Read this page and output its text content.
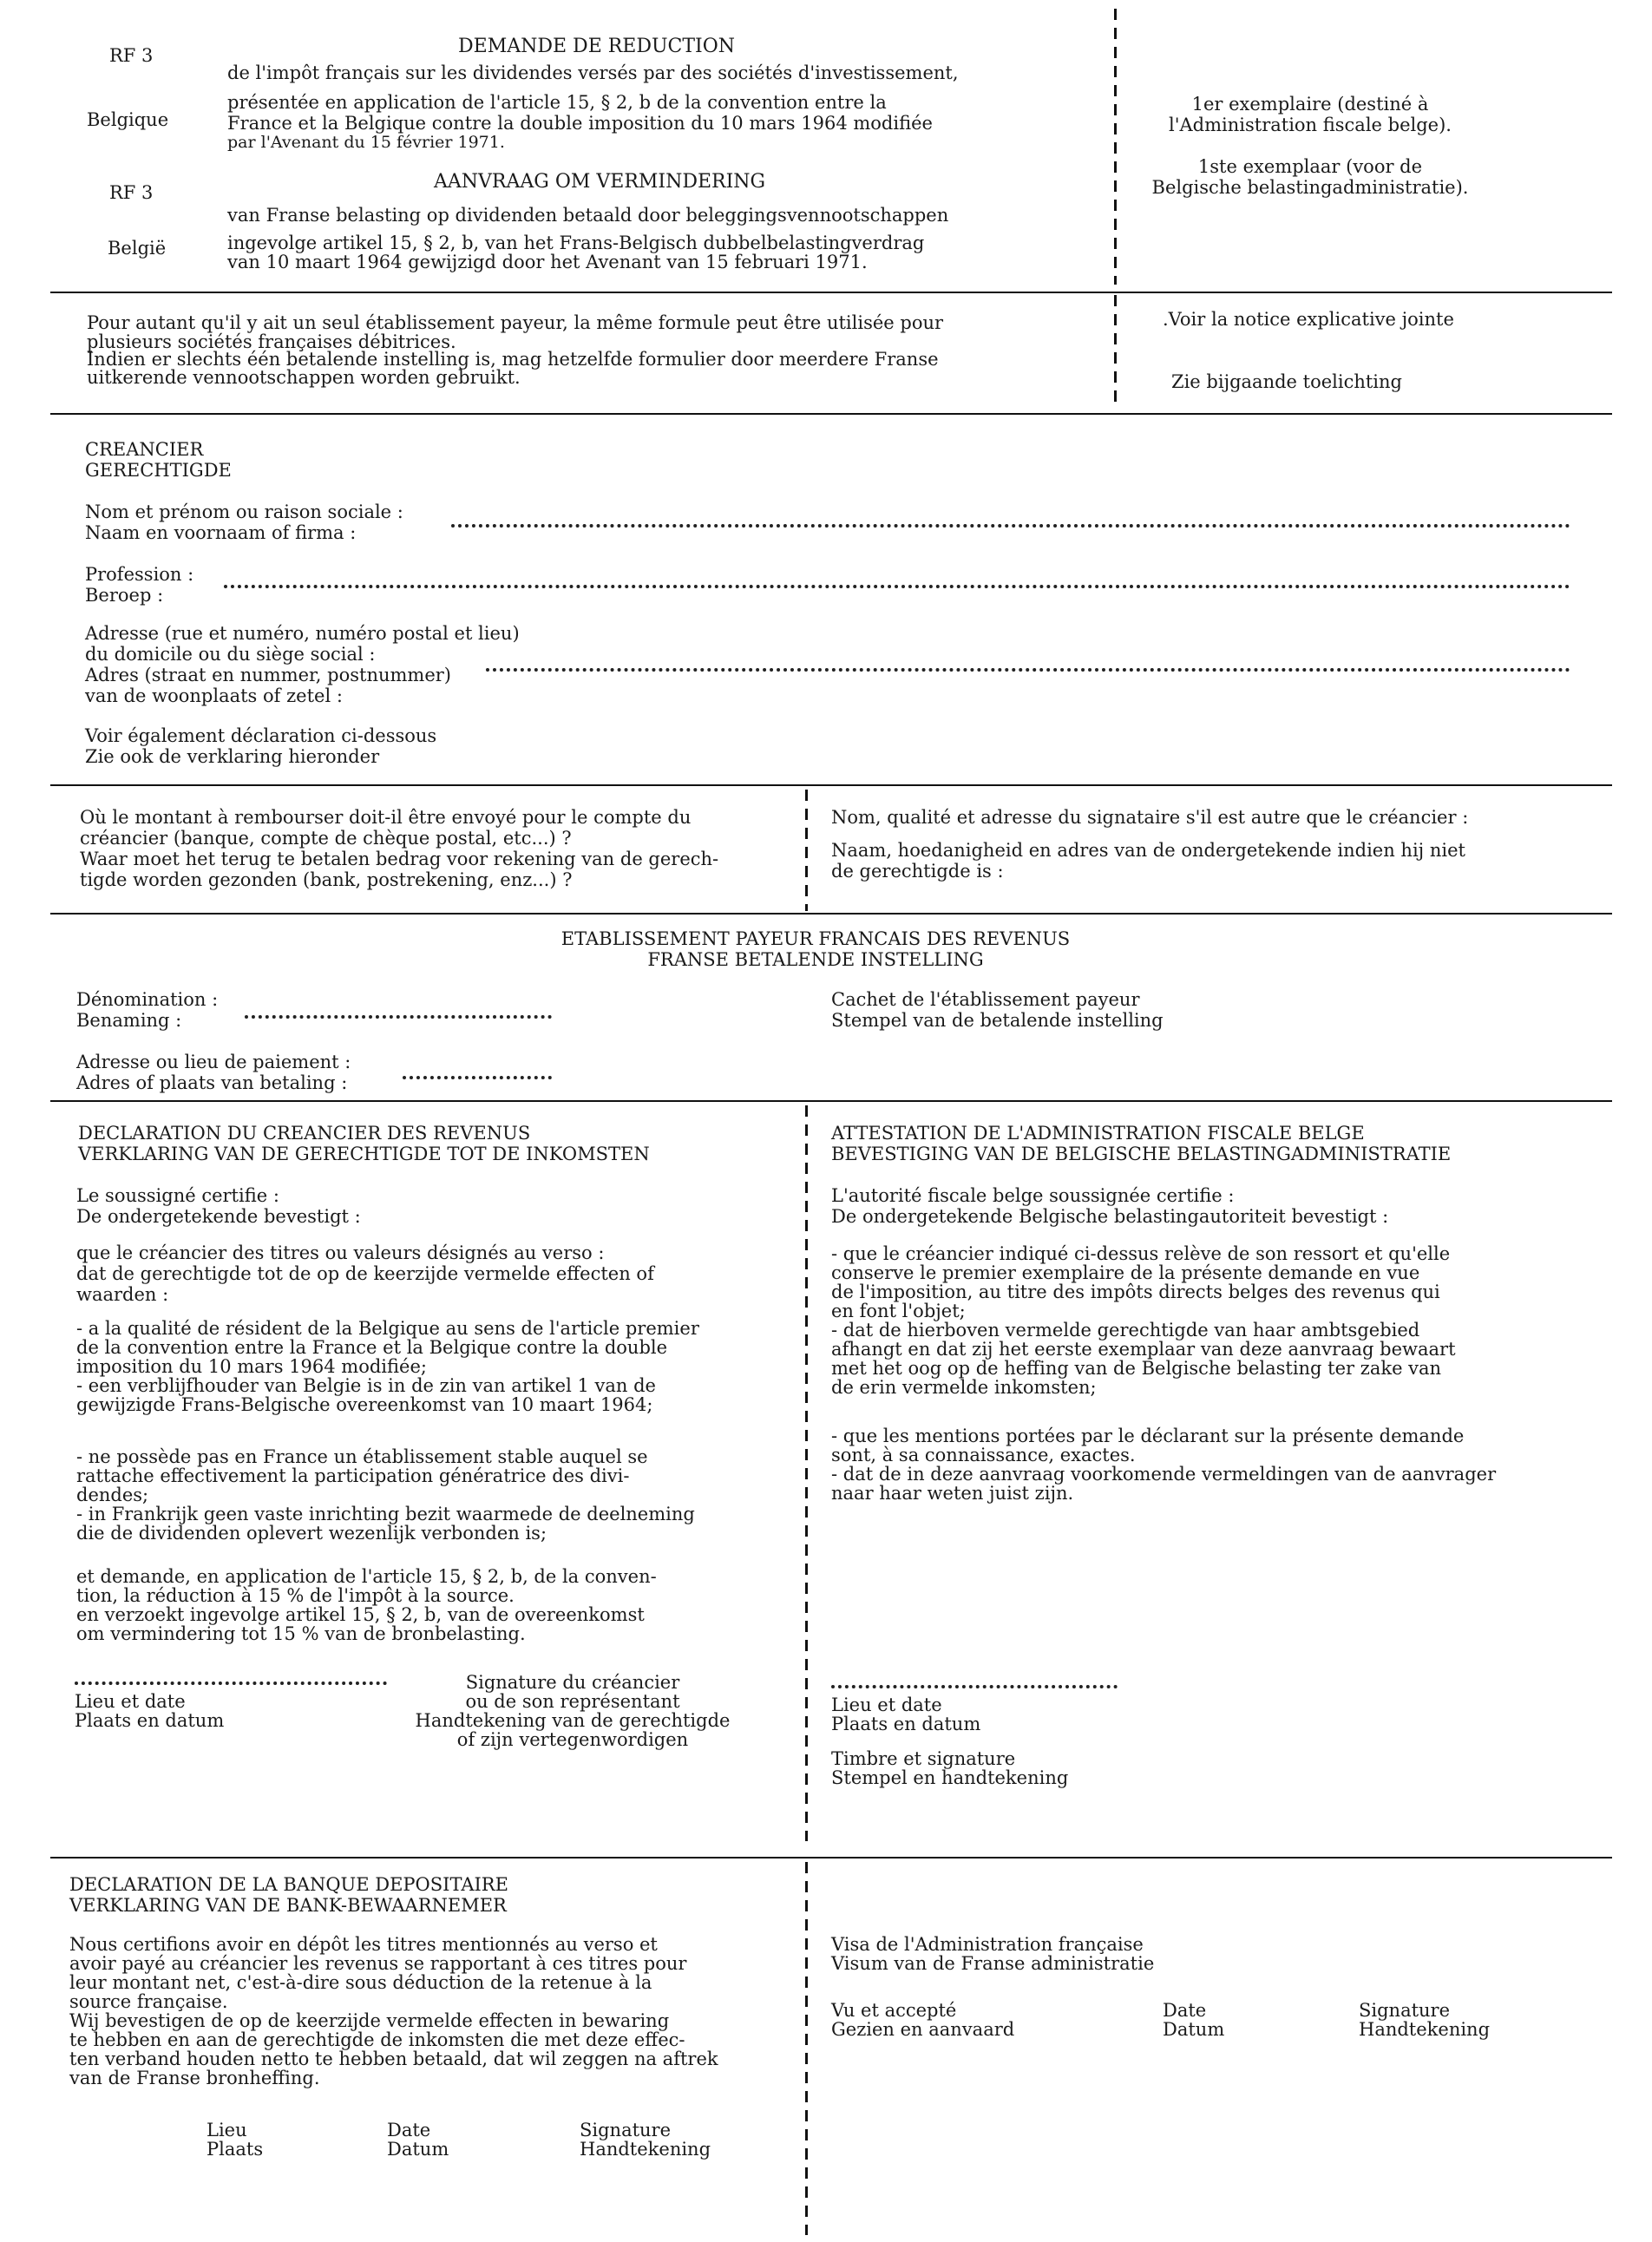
RF 3	DEMANDE DE REDUCTION
de l'impôt français sur les dividendes versés par des sociétés d'investissement,
présentée en application de l'article 15, § 2, b de la convention entre la
France et la Belgique contre la double imposition du 10 mars 1964 modifiée
par l'Avenant du 15 février 1971.
Belgique
RF 3	AANVRAAG OM VERMINDERING
van Franse belasting op dividenden betaald door beleggingsvennootschappen
ingevolge artikel 15, § 2, b, van het Frans-Belgisch dubbelbelastingverdrag
van 10 maart 1964 gewijzigd door het Avenant van 15 februari 1971.
België
1er exemplaire (destiné à
l'Administration fiscale belge).
1ste exemplaar (voor de
Belgische belastingadministratie).
Pour autant qu'il y ait un seul établissement payeur, la même formule peut être utilisée pour
plusieurs sociétés françaises débitrices.
Indien er slechts één betalende instelling is, mag hetzelfde formulier door meerdere Franse
uitkerende vennootschappen worden gebruikt.
.Voir la notice explicative jointe
Zie bijgaande toelichting
CREANCIER
GERECHTIGDE
Nom et prénom ou raison sociale :
Naam en voornaam of firma :
Profession :
Beroep :
Adresse (rue et numéro, numéro postal et lieu)
du domicile ou du siège social :
Adres (straat en nummer, postnummer)
van de woonplaats of zetel :
Voir également déclaration ci-dessous
Zie ook de verklaring hieronder
Où le montant à rembourser doit-il être envoyé pour le compte du
créancier (banque, compte de chèque postal, etc...) ?
Waar moet het terug te betalen bedrag voor rekening van de gerech-
tigde worden gezonden (bank, postrekening, enz...) ?
Nom, qualité et adresse du signataire s'il est autre que le créancier :
Naam, hoedanigheid en adres van de ondergetekende indien hij niet
de gerechtigde is :
ETABLISSEMENT PAYEUR FRANCAIS DES REVENUS
FRANSE BETALENDE INSTELLING
Dénomination :
Benaming :
Adresse ou lieu de paiement :
Adres of plaats van betaling :
Cachet de l'établissement payeur
Stempel van de betalende instelling
DECLARATION DU CREANCIER DES REVENUS
VERKLARING VAN DE GERECHTIGDE TOT DE INKOMSTEN
Le soussigné certifie :
De ondergetekende bevestigt :
que le créancier des titres ou valeurs désignés au verso :
dat de gerechtigde tot de op de keerzijde vermelde effecten of
waarden :
- a la qualité de résident de la Belgique au sens de l'article premier
de la convention entre la France et la Belgique contre la double
imposition du 10 mars 1964 modifiée;
- een verblijfhouder van Belgie is in de zin van artikel 1 van de
gewijzigde Frans-Belgische overeenkomst van 10 maart 1964;
- ne possède pas en France un établissement stable auquel se
rattache effectivement la participation génératrice des divi-
dendes;
- in Frankrijk geen vaste inrichting bezit waarmede de deelneming
die de dividenden oplevert wezenlijk verbonden is;
et demande, en application de l'article 15, § 2, b, de la conven-
tion, la réduction à 15 % de l'impôt à la source.
en verzoekt ingevolge artikel 15, § 2, b, van de overeenkomst
om vermindering tot 15 % van de bronbelasting.
Lieu et date
Plaats en datum
Signature du créancier
ou de son représentant
Handtekening van de gerechtigde
of zijn vertegenwordigen
ATTESTATION DE L'ADMINISTRATION FISCALE BELGE
BEVESTIGING VAN DE BELGISCHE BELASTINGADMINISTRATIE
L'autorité fiscale belge soussignée certifie :
De ondergetekende Belgische belastingautoriteit bevestigt :
- que le créancier indiqué ci-dessus relève de son ressort et qu'elle
conserve le premier exemplaire de la présente demande en vue
de l'imposition, au titre des impôts directs belges des revenus qui
en font l'objet;
- dat de hierboven vermelde gerechtigde van haar ambtsgebied
afhangt en dat zij het eerste exemplaar van deze aanvraag bewaart
met het oog op de heffing van de Belgische belasting ter zake van
de erin vermelde inkomsten;
- que les mentions portées par le déclarant sur la présente demande
sont, à sa connaissance, exactes.
- dat de in deze aanvraag voorkomende vermeldingen van de aanvrager
naar haar weten juist zijn.
Lieu et date
Plaats en datum
Timbre et signature
Stempel en handtekening
DECLARATION DE LA BANQUE DEPOSITAIRE
VERKLARING VAN DE BANK-BEWAARNEMER
Nous certifions avoir en dépôt les titres mentionnés au verso et
avoir payé au créancier les revenus se rapportant à ces titres pour
leur montant net, c'est-à-dire sous déduction de la retenue à la
source française.
Wij bevestigen de op de keerzijde vermelde effecten in bewaring
te hebben en aan de gerechtigde de inkomsten die met deze effec-
ten verband houden netto te hebben betaald, dat wil zeggen na aftrek
van de Franse bronheffing.
Lieu
Plaats
Date
Datum
Signature
Handtekening
Visa de l'Administration française
Visum van de Franse administratie
Vu et accepté
Gezien en aanvaard
Date
Datum
Signature
Handtekening
